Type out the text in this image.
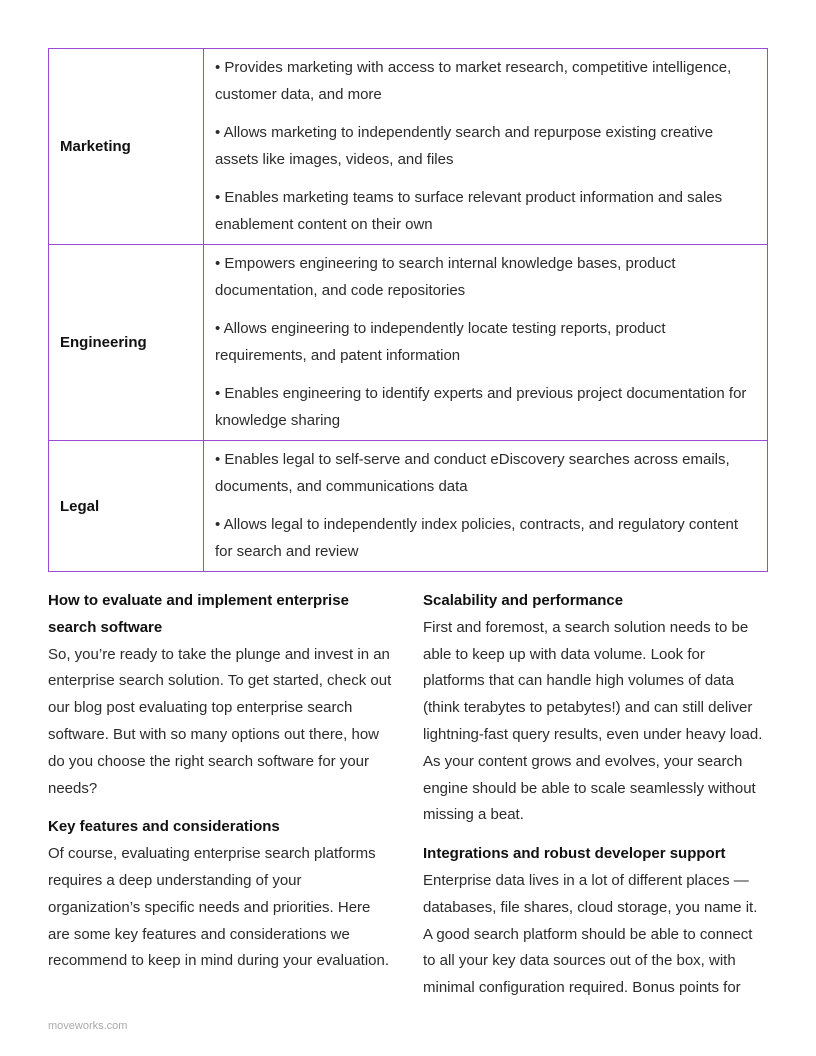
Marketing	• Provides marketing with access to market research, competitive intelligence, customer data, and more
• Allows marketing to independently search and repurpose existing creative assets like images, videos, and files
• Enables marketing teams to surface relevant product information and sales enablement content on their own

Engineering	• Empowers engineering to search internal knowledge bases, product documentation, and code repositories
• Allows engineering to independently locate testing reports, product requirements, and patent information
• Enables engineering to identify experts and previous project documentation for knowledge sharing

Legal	• Enables legal to self-serve and conduct eDiscovery searches across emails, documents, and communications data
• Allows legal to independently index policies, contracts, and regulatory content for search and review
How to evaluate and implement enterprise search software

So, you’re ready to take the plunge and invest in an enterprise search solution. To get started, check out our blog post evaluating top enterprise search software. But with so many options out there, how do you choose the right search software for your needs?

Key features and considerations

Of course, evaluating enterprise search platforms requires a deep understanding of your organization’s specific needs and priorities. Here are some key features and considerations we recommend to keep in mind during your evaluation.

Scalability and performance

First and foremost, a search solution needs to be able to keep up with data volume. Look for platforms that can handle high volumes of data (think terabytes to petabytes!) and can still deliver lightning-fast query results, even under heavy load. As your content grows and evolves, your search engine should be able to scale seamlessly without missing a beat.

Integrations and robust developer support

Enterprise data lives in a lot of different places — databases, file shares, cloud storage, you name it. A good search platform should be able to connect to all your key data sources out of the box, with minimal configuration required. Bonus points for

moveworks.com
